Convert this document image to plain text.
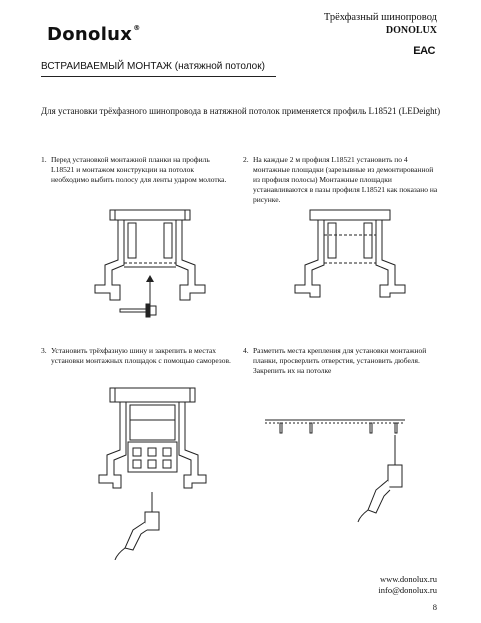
Donolux®
Трёхфазный шинопровод
DONOLUX
EAC
ВСТРАИВАЕМЫЙ МОНТАЖ (натяжной потолок)
Для установки трёхфазного шинопровода в натяжной потолок применяется профиль L18521 (LEDeight)
1. Перед установкой монтажной планки на профиль L18521 и монтажом конструкции на потолок необходимо выбить полосу для ленты ударом молотка.
2. На каждые 2 м профиля L18521 установить по 4 монтажные площадки (зарезывные из демонтированной из профиля полосы) Монтажные площадки устанавливаются в пазы профиля L18521 как показано на рисунке.
3. Установить трёхфазную шину и закрепить в местах установки монтажных площадок с помощью саморезов.
4. Разметить места крепления для установки монтажной планки, просверлить отверстия, установить дюбеля. Закрепить их на потолке
www.donolux.ru
info@donolux.ru
8
